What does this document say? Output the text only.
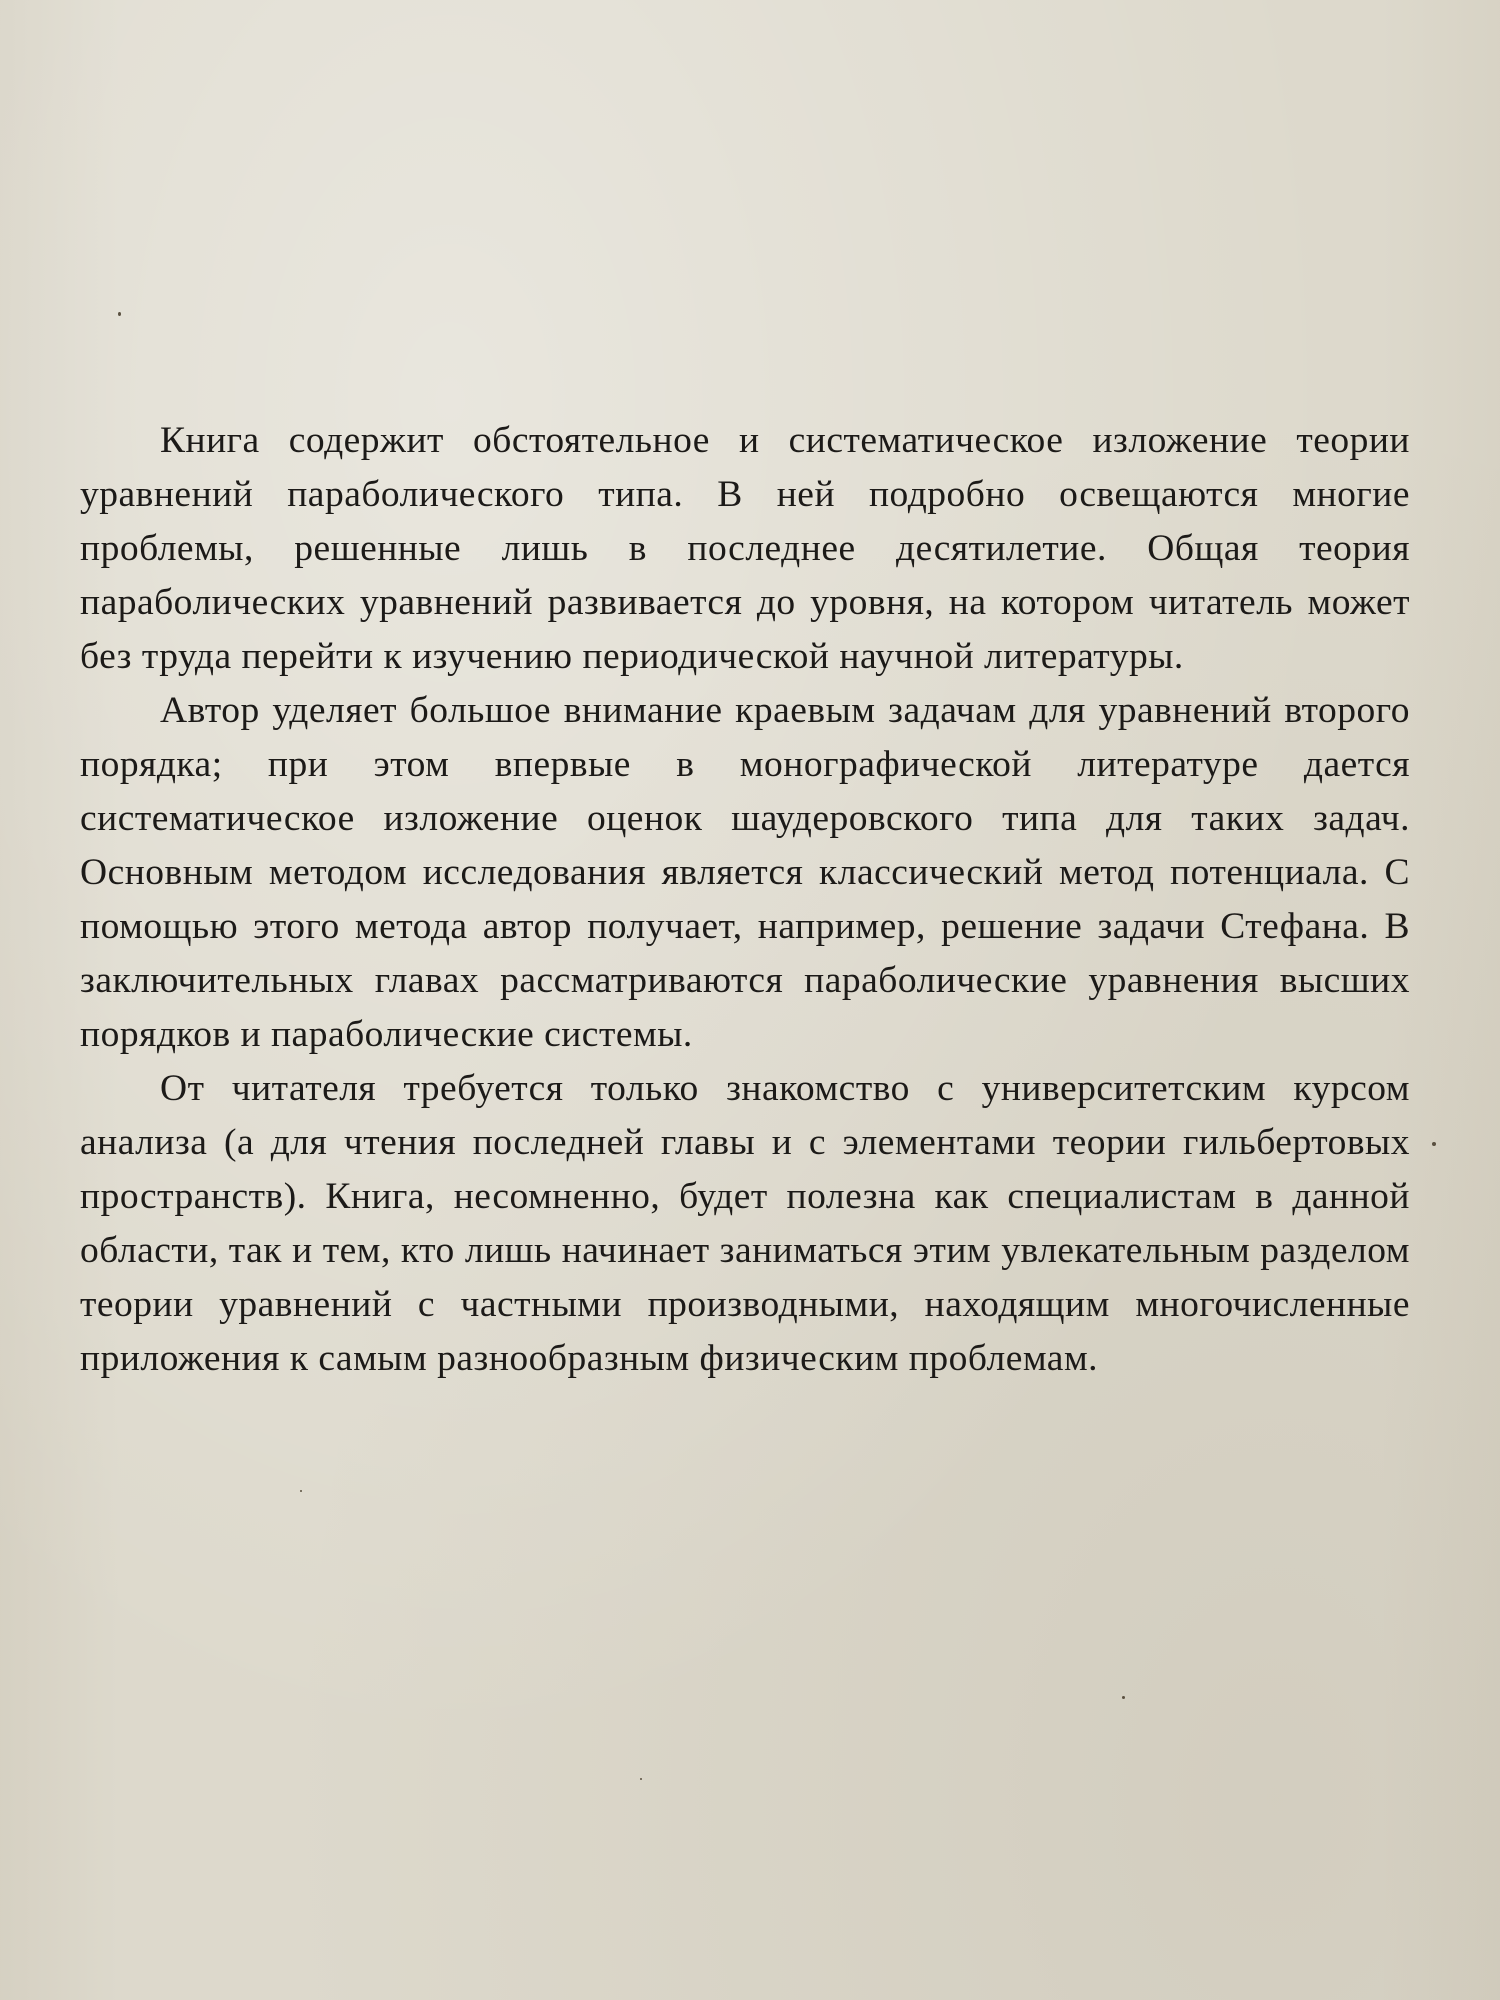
Книга содержит обстоятельное и систематическое изложение теории уравнений параболического типа. В ней подробно освещаются многие проблемы, решенные лишь в последнее десятилетие. Общая теория параболических уравнений развивается до уровня, на котором читатель может без труда перейти к изучению периодической научной литературы.

Автор уделяет большое внимание краевым задачам для уравнений второго порядка; при этом впервые в монографической литературе дается систематическое изложение оценок шаудеровского типа для таких задач. Основным методом исследования является классический метод потенциала. С помощью этого метода автор получает, например, решение задачи Стефана. В заключительных главах рассматриваются параболические уравнения высших порядков и параболические системы.

От читателя требуется только знакомство с университетским курсом анализа (а для чтения последней главы и с элементами теории гильбертовых пространств). Книга, несомненно, будет полезна как специалистам в данной области, так и тем, кто лишь начинает заниматься этим увлекательным разделом теории уравнений с частными производными, находящим многочисленные приложения к самым разнообразным физическим проблемам.
